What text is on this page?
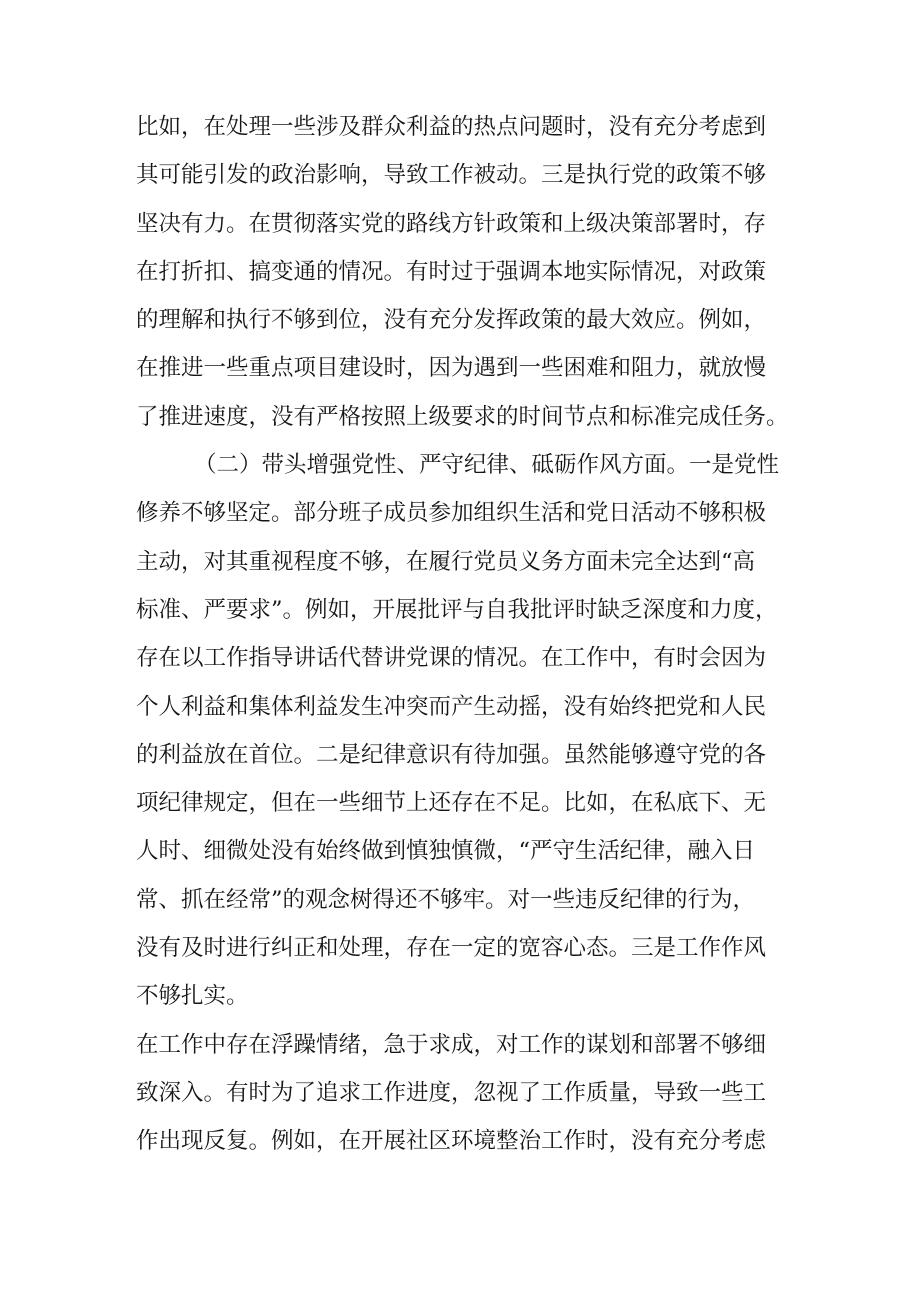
比如，在处理一些涉及群众利益的热点问题时，没有充分考虑到
其可能引发的政治影响，导致工作被动。三是执行党的政策不够
坚决有力。在贯彻落实党的路线方针政策和上级决策部署时，存
在打折扣、搞变通的情况。有时过于强调本地实际情况，对政策
的理解和执行不够到位，没有充分发挥政策的最大效应。例如，
在推进一些重点项目建设时，因为遇到一些困难和阻力，就放慢
了推进速度，没有严格按照上级要求的时间节点和标准完成任务。
（二）带头增强党性、严守纪律、砥砺作风方面。一是党性
修养不够坚定。部分班子成员参加组织生活和党日活动不够积极
主动，对其重视程度不够，在履行党员义务方面未完全达到“高
标准、严要求”。例如，开展批评与自我批评时缺乏深度和力度，
存在以工作指导讲话代替讲党课的情况。在工作中，有时会因为
个人利益和集体利益发生冲突而产生动摇，没有始终把党和人民
的利益放在首位。二是纪律意识有待加强。虽然能够遵守党的各
项纪律规定，但在一些细节上还存在不足。比如，在私底下、无
人时、细微处没有始终做到慎独慎微，“严守生活纪律，融入日
常、抓在经常”的观念树得还不够牢。对一些违反纪律的行为，
没有及时进行纠正和处理，存在一定的宽容心态。三是工作作风
不够扎实。
在工作中存在浮躁情绪，急于求成，对工作的谋划和部署不够细
致深入。有时为了追求工作进度，忽视了工作质量，导致一些工
作出现反复。例如，在开展社区环境整治工作时，没有充分考虑
